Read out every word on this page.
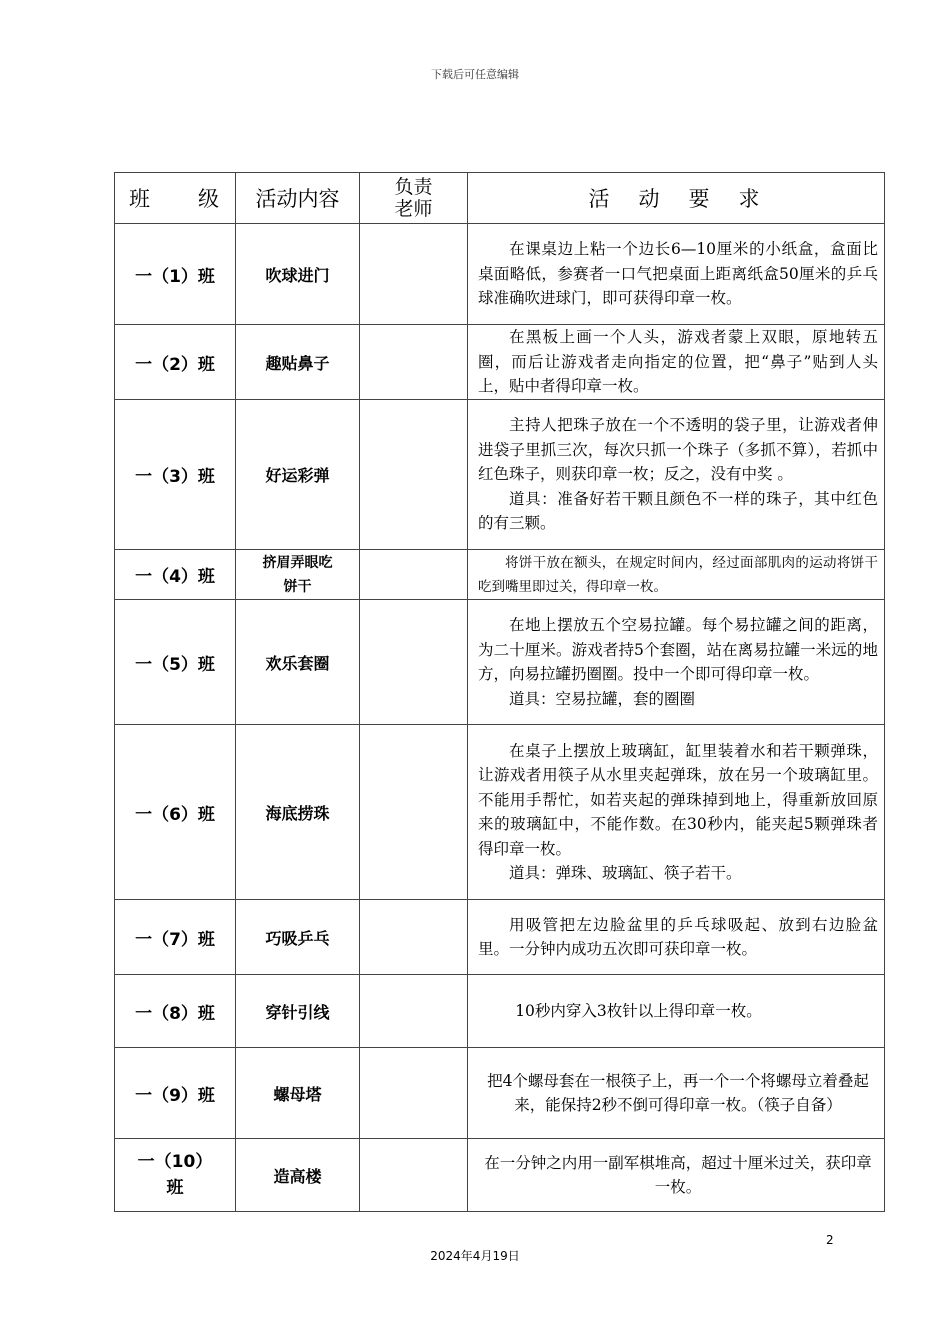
下载后可任意编辑
班　　级	活动内容	负责老师	活　动　要　求
一（1）班	吹球进门		在课桌边上粘一个边长6—10厘米的小纸盒，盒面比桌面略低，参赛者一口气把桌面上距离纸盒50厘米的乒乓球准确吹进球门，即可获得印章一枚。

一（2）班	趣贴鼻子		在黑板上画一个人头，游戏者蒙上双眼，原地转五圈，而后让游戏者走向指定的位置，把“鼻子”贴到人头上，贴中者得印章一枚。

一（3）班	好运彩弹		主持人把珠子放在一个不透明的袋子里，让游戏者伸进袋子里抓三次，每次只抓一个珠子（多抓不算），若抓中红色珠子，则获印章一枚；反之，没有中奖 。

道具：准备好若干颗且颜色不一样的珠子，其中红色的有三颗。

一（4）班	挤眉弄眼吃饼干		将饼干放在额头，在规定时间内，经过面部肌肉的运动将饼干吃到嘴里即过关，得印章一枚。

一（5）班	欢乐套圈		在地上摆放五个空易拉罐。每个易拉罐之间的距离，为二十厘米。游戏者持5个套圈，站在离易拉罐一米远的地方，向易拉罐扔圈圈。投中一个即可得印章一枚。

道具：空易拉罐，套的圈圈

一（6）班	海底捞珠		在桌子上摆放上玻璃缸，缸里装着水和若干颗弹珠，让游戏者用筷子从水里夹起弹珠，放在另一个玻璃缸里。不能用手帮忙，如若夹起的弹珠掉到地上，得重新放回原来的玻璃缸中，不能作数。在30秒内，能夹起5颗弹珠者得印章一枚。

道具：弹珠、玻璃缸、筷子若干。

一（7）班	巧吸乒乓		用吸管把左边脸盆里的乒乓球吸起、放到右边脸盆里。一分钟内成功五次即可获印章一枚。

一（8）班	穿针引线		10秒内穿入3枚针以上得印章一枚。

一（9）班	螺母塔		把4个螺母套在一根筷子上，再一个一个将螺母立着叠起来，能保持2秒不倒可得印章一枚。（筷子自备）

一（10）班	造高楼		在一分钟之内用一副军棋堆高，超过十厘米过关，获印章一枚。

2
2024年4月19日
